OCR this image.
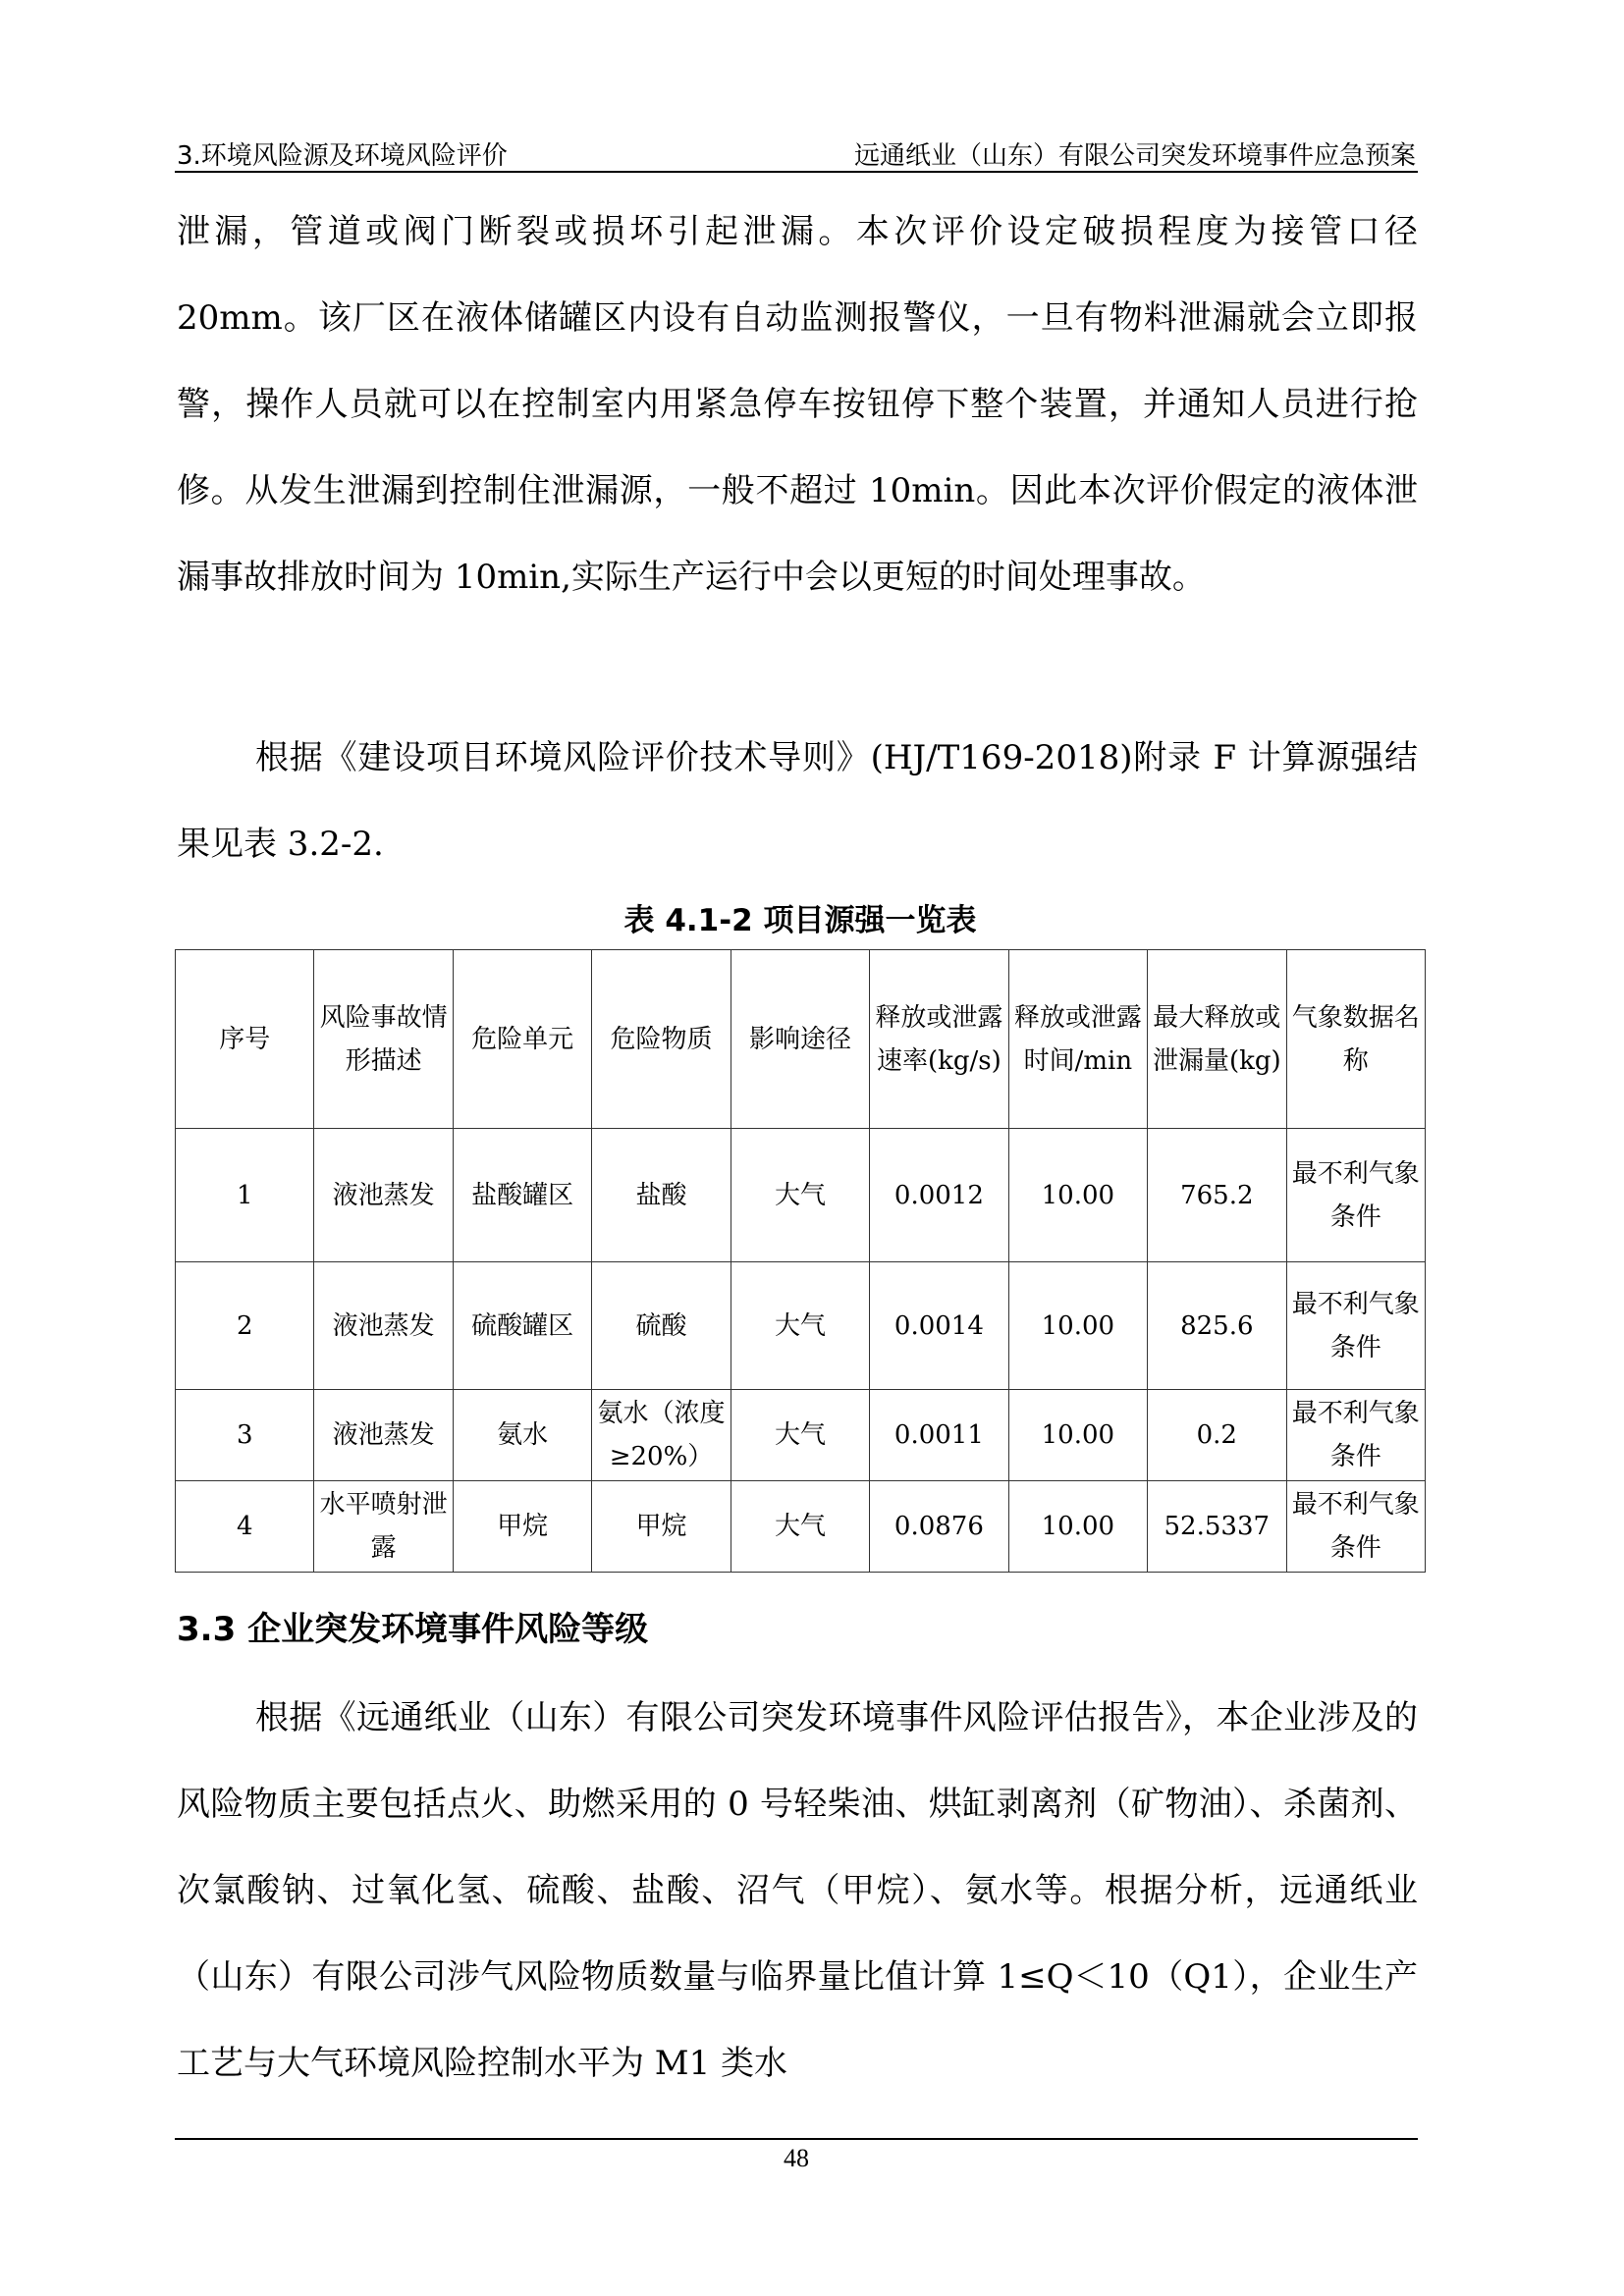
3.环境风险源及环境风险评价	远通纸业（山东）有限公司突发环境事件应急预案

泄漏，管道或阀门断裂或损坏引起泄漏。本次评价设定破损程度为接管口径 20mm。该厂区在液体储罐区内设有自动监测报警仪，一旦有物料泄漏就会立即报警，操作人员就可以在控制室内用紧急停车按钮停下整个装置，并通知人员进行抢修。从发生泄漏到控制住泄漏源，一般不超过 10min。因此本次评价假定的液体泄漏事故排放时间为 10min,实际生产运行中会以更短的时间处理事故。

根据《建设项目环境风险评价技术导则》(HJ/T169-2018)附录 F 计算源强结果见表 3.2-2.

表 4.1-2 项目源强一览表
序号	风险事故情形描述	危险单元	危险物质	影响途径	释放或泄露速率(kg/s)	释放或泄露时间/min	最大释放或泄漏量(kg)	气象数据名称
1	液池蒸发	盐酸罐区	盐酸	大气	0.0012	10.00	765.2	最不利气象条件
2	液池蒸发	硫酸罐区	硫酸	大气	0.0014	10.00	825.6	最不利气象条件
3	液池蒸发	氨水	氨水（浓度≥20%）	大气	0.0011	10.00	0.2	最不利气象条件
4	水平喷射泄露	甲烷	甲烷	大气	0.0876	10.00	52.5337	最不利气象条件
3.3 企业突发环境事件风险等级

根据《远通纸业（山东）有限公司突发环境事件风险评估报告》，本企业涉及的风险物质主要包括点火、助燃采用的 0 号轻柴油、烘缸剥离剂（矿物油）、杀菌剂、次氯酸钠、过氧化氢、硫酸、盐酸、沼气（甲烷）、氨水等。根据分析，远通纸业（山东）有限公司涉气风险物质数量与临界量比值计算 1≤Q＜10（Q1），企业生产工艺与大气环境风险控制水平为 M1 类水

48
